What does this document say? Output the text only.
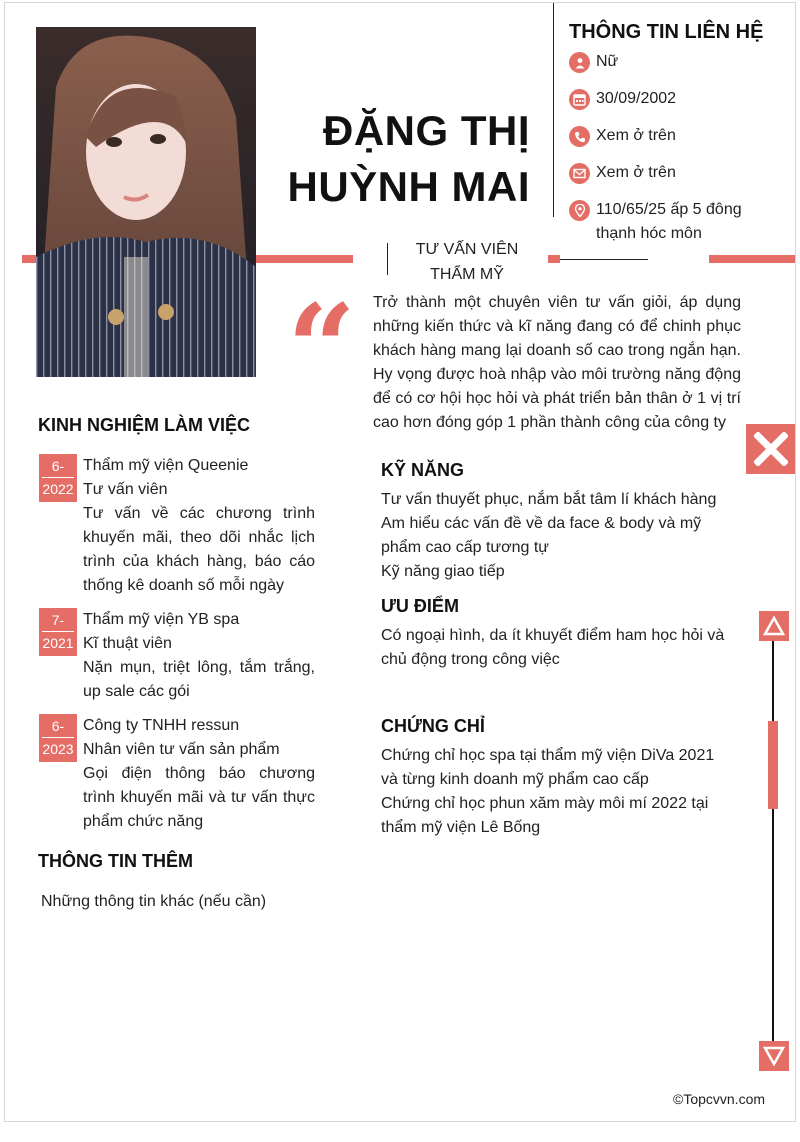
ĐẶNG THỊ
HUỲNH MAI
THÔNG TIN LIÊN HỆ
Nữ
30/09/2002
Xem ở trên
Xem ở trên
110/65/25 ấp 5 đông
thạnh hóc môn
TƯ VẤN VIÊN
THẨM MỸ
“ Trở thành một chuyên viên tư vấn giỏi, áp dụng những kiến thức và kĩ năng đang có để chinh phục khách hàng mang lại doanh số cao trong ngắn hạn. Hy vọng được hoà nhập vào môi trường năng động để có cơ hội học hỏi và phát triển bản thân ở 1 vị trí cao hơn đóng góp 1 phần thành công của công ty
KINH NGHIỆM LÀM VIỆC
6-
2022
Thẩm mỹ viện Queenie
Tư vấn viên
Tư vấn về các chương trình khuyến mãi, theo dõi nhắc lịch trình của khách hàng, báo cáo thống kê doanh số mỗi ngày
7-
2021
Thẩm mỹ viện YB spa
Kĩ thuật viên
Nặn mụn, triệt lông, tắm trắng, up sale các gói
6-
2023
Công ty TNHH ressun
Nhân viên tư vấn sản phẩm
Gọi điện thông báo chương trình khuyến mãi và tư vấn thực phẩm chức năng
THÔNG TIN THÊM
Những thông tin khác (nếu cần)
KỸ NĂNG
Tư vấn thuyết phục, nắm bắt tâm lí khách hàng
Am hiểu các vấn đề về da face & body và mỹ phẩm cao cấp tương tự
Kỹ năng giao tiếp
ƯU ĐIỂM
Có ngoại hình, da ít khuyết điểm ham học hỏi và chủ động trong công việc
CHỨNG CHỈ
Chứng chỉ học spa tại thẩm mỹ viện DiVa 2021 và từng kinh doanh mỹ phẩm cao cấp
Chứng chỉ học phun xăm mày môi mí 2022 tại thẩm mỹ viện Lê Bống
©Topcvvn.com
